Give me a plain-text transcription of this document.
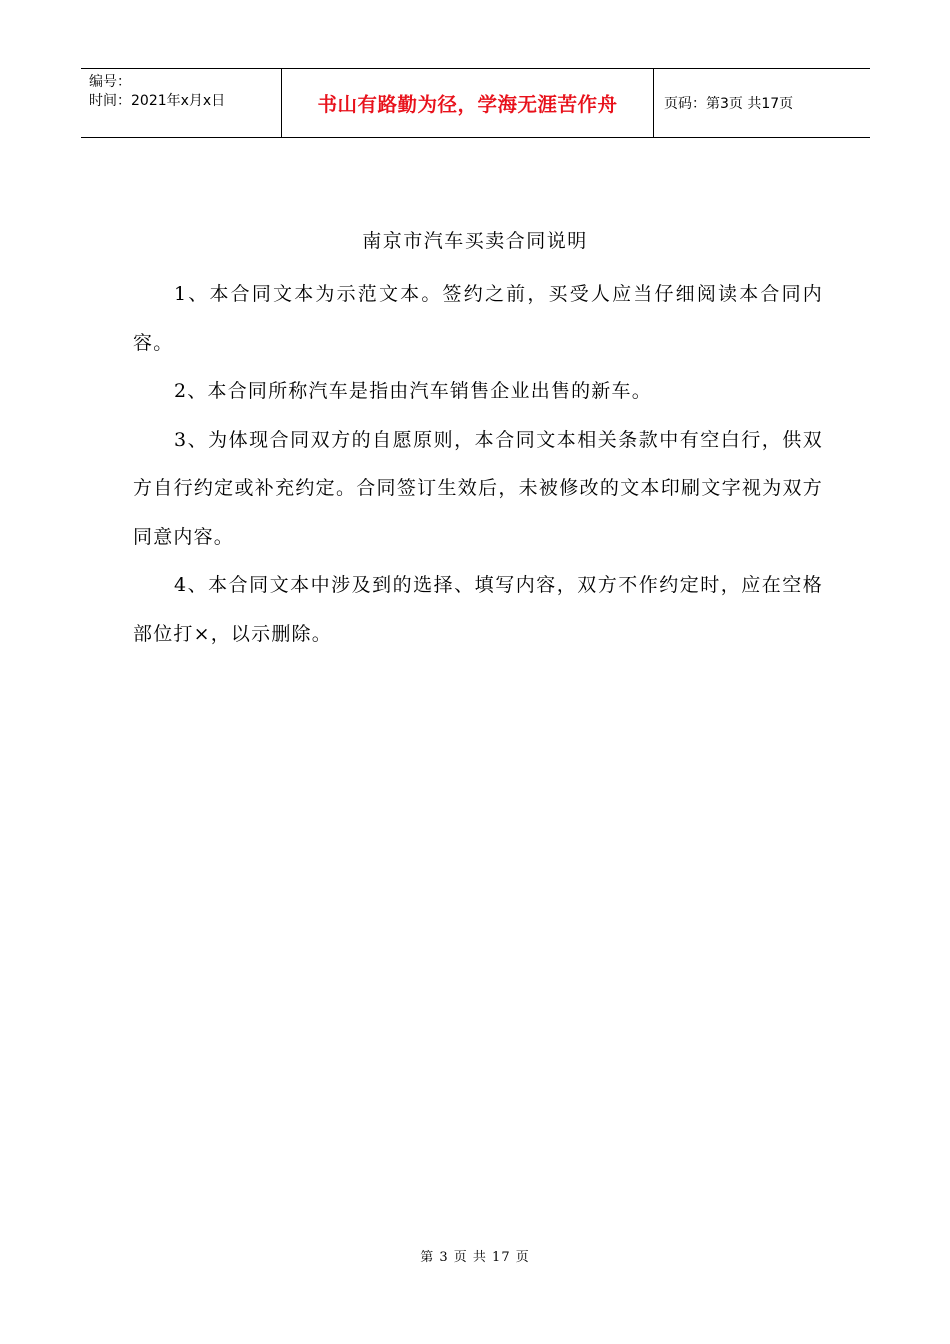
编号：
时间：2021年x月x日	书山有路勤为径，学海无涯苦作舟	页码：第3页 共17页
南京市汽车买卖合同说明

1、本合同文本为示范文本。签约之前，买受人应当仔细阅读本合同内容。

2、本合同所称汽车是指由汽车销售企业出售的新车。

3、为体现合同双方的自愿原则，本合同文本相关条款中有空白行，供双方自行约定或补充约定。合同签订生效后，未被修改的文本印刷文字视为双方同意内容。

4、本合同文本中涉及到的选择、填写内容，双方不作约定时，应在空格部位打×，以示删除。

第 3 页 共 17 页
